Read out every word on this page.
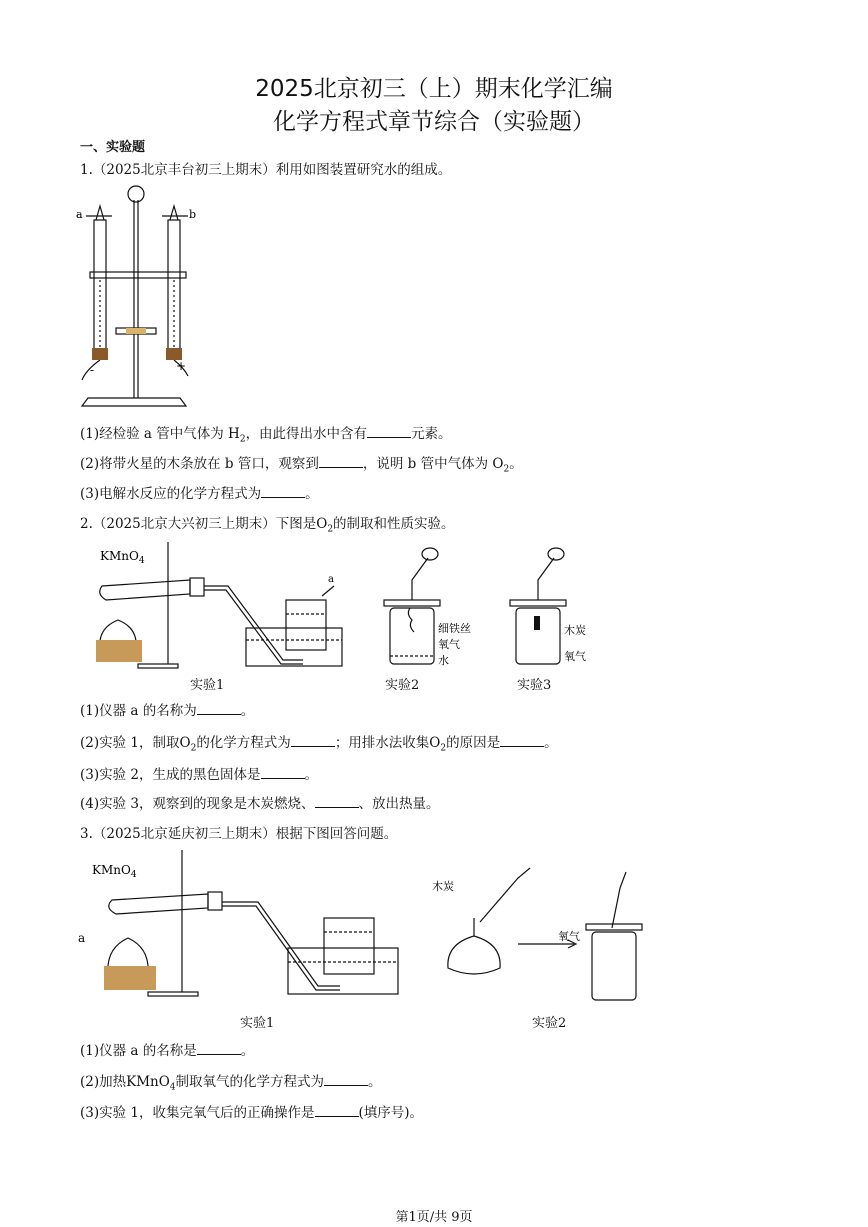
2025北京初三（上）期末化学汇编
化学方程式章节综合（实验题）
一、实验题
1.（2025北京丰台初三上期末）利用如图装置研究水的组成。
a	b
-	+
(1)经检验 a 管中气体为 $H_2$，由此得出水中含有	元素。
(2)将带火星的木条放在 b 管口，观察到	，说明 b 管中气体为 $O_2$。
(3)电解水反应的化学方程式为	。
2.（2025北京大兴初三上期末）下图是$O_2$的制取和性质实验。
KMnO$_4$
a
细铁丝
氧气
水
木炭
氧气
实验1	实验2	实验3
(1)仪器 a 的名称为	。
(2)实验 1，制取$O_2$的化学方程式为	；用排水法收集$O_2$的原因是	。
(3)实验 2，生成的黑色固体是	。
(4)实验 3，观察到的现象是木炭燃烧、	、放出热量。
3.（2025北京延庆初三上期末）根据下图回答问题。
KMnO$_4$
a
木炭
氧气
实验1	实验2
(1)仪器 a 的名称是	。
(2)加热KMnO$_4$制取氧气的化学方程式为	。
(3)实验 1，收集完氧气后的正确操作是	(填序号)。
第1页/共 9页
